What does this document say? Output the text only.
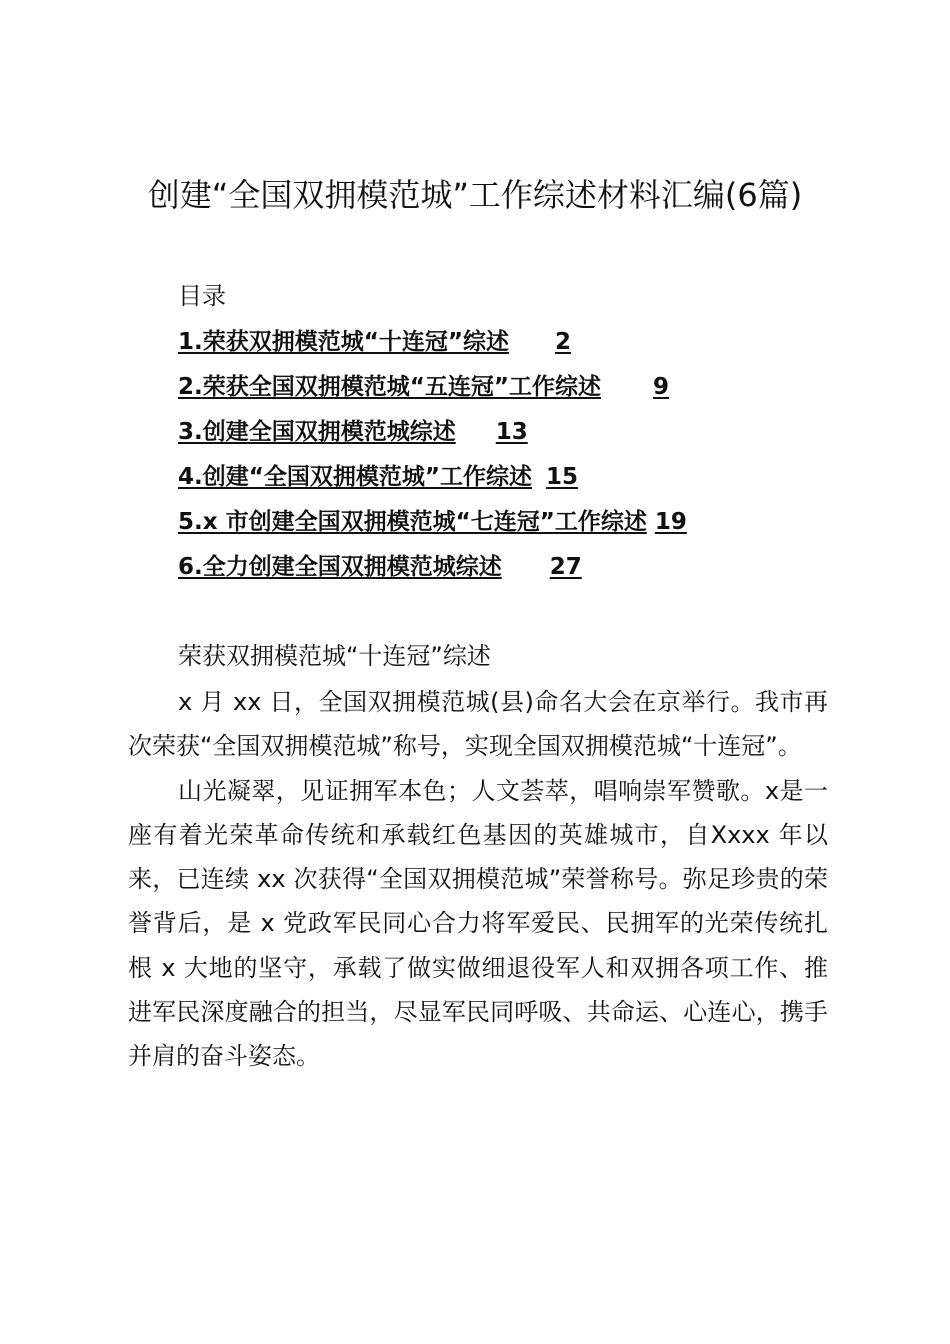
创建“全国双拥模范城”工作综述材料汇编(6篇)
目录
1.荣获双拥模范城“十连冠”综述 2
2.荣获全国双拥模范城“五连冠”工作综述 9
3.创建全国双拥模范城综述 13
4.创建“全国双拥模范城”工作综述 15
5.x 市创建全国双拥模范城“七连冠”工作综述 19
6.全力创建全国双拥模范城综述 27
荣获双拥模范城“十连冠”综述

x 月 xx 日，全国双拥模范城(县)命名大会在京举行。我市再次荣获“全国双拥模范城”称号，实现全国双拥模范城“十连冠”。

山光凝翠，见证拥军本色；人文荟萃，唱响崇军赞歌。x是一座有着光荣革命传统和承载红色基因的英雄城市，自Xxxx 年以来，已连续 xx 次获得“全国双拥模范城”荣誉称号。弥足珍贵的荣誉背后，是 x 党政军民同心合力将军爱民、民拥军的光荣传统扎根 x 大地的坚守，承载了做实做细退役军人和双拥各项工作、推进军民深度融合的担当，尽显军民同呼吸、共命运、心连心，携手并肩的奋斗姿态。
